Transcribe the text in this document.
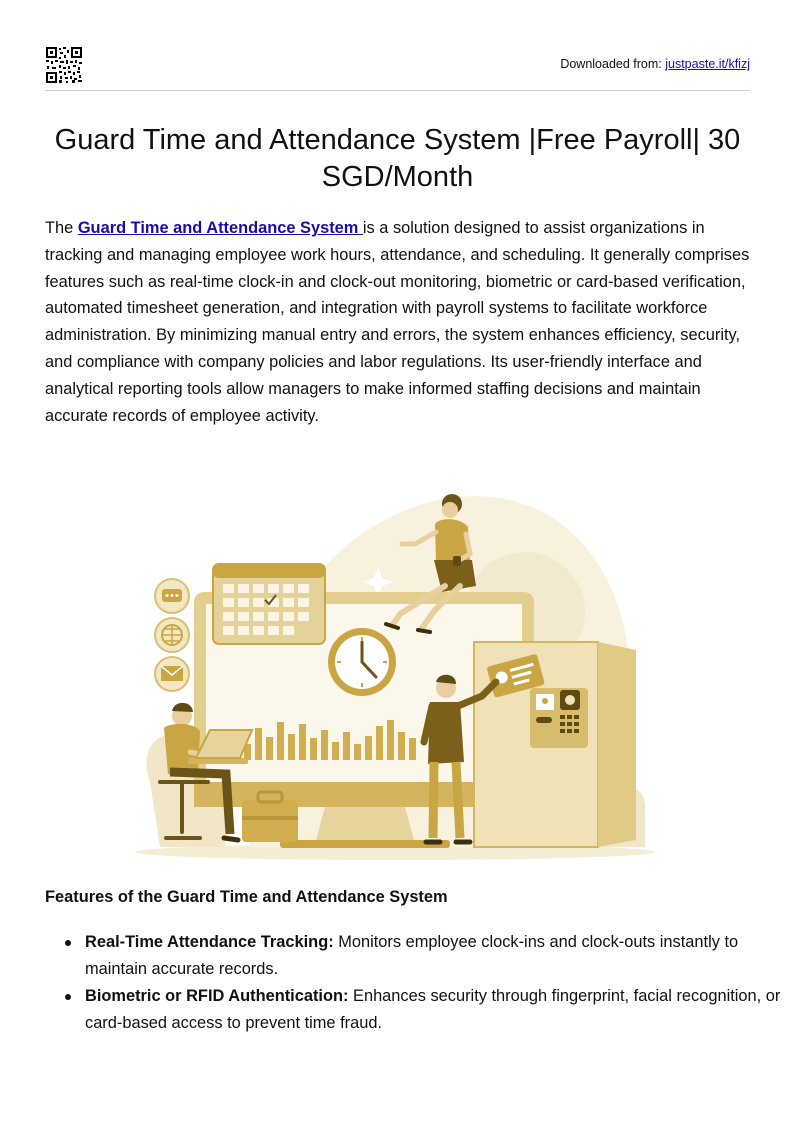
Downloaded from: justpaste.it/kfizj
Guard Time and Attendance System |Free Payroll| 30 SGD/Month

The Guard Time and Attendance System is a solution designed to assist organizations in tracking and managing employee work hours, attendance, and scheduling. It generally comprises features such as real-time clock-in and clock-out monitoring, biometric or card-based verification, automated timesheet generation, and integration with payroll systems to facilitate workforce administration. By minimizing manual entry and errors, the system enhances efficiency, security, and compliance with company policies and labor regulations. Its user-friendly interface and analytical reporting tools allow managers to make informed staffing decisions and maintain accurate records of employee activity.

Features of the Guard Time and Attendance System
Real-Time Attendance Tracking: Monitors employee clock-ins and clock-outs instantly to maintain accurate records.
Biometric or RFID Authentication: Enhances security through fingerprint, facial recognition, or card-based access to prevent time fraud.
